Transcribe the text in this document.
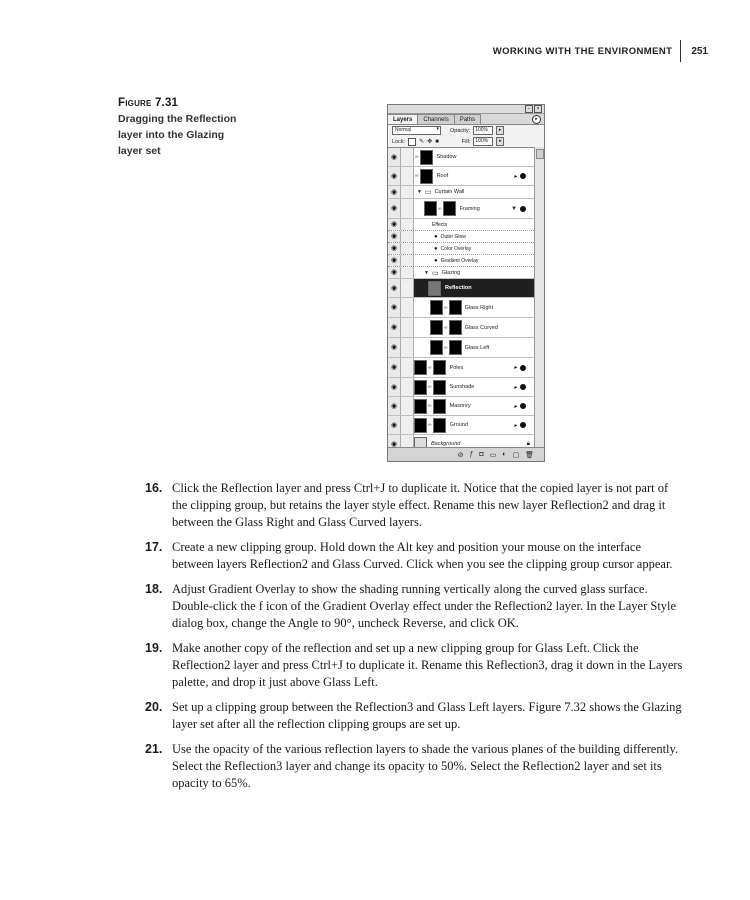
WORKING WITH THE ENVIRONMENT 251
Figure 7.31
Dragging the Reflection layer into the Glazing layer set
–	×
Layers	Channels	Paths	▸
Normal ▾	Opacity:	100%	▸
Lock: ✎ ✥ ■	Fill:	100%	▸
◉	∞	Shadow
◉	∞	Roof	▸
◉	▼ ▭ Curtain Wall
◉	∞	Framing	▼
◉	Effects
◉	● Outer Glow
◉	● Color Overlay
◉	● Gradient Overlay
◉	▼ ▭ Glazing
◉	✎	Reflection
◉	∞	Glass Right
◉	∞	Glass Curved
◉	∞	Glass Left
◉	∞	Poles	▸
◉	∞	Sunshade	▸
◉	∞	Masonry	▸
◉	∞	Ground	▸
◉	Background	🔒︎
✋︎
⊘ ƒ ◘ ▭ ◐ ▢ 🗑︎
16. Click the Reflection layer and press Ctrl+J to duplicate it. Notice that the copied layer is not part of the clipping group, but retains the layer style effect. Rename this new layer Reflection2 and drag it between the Glass Right and Glass Curved layers.
17. Create a new clipping group. Hold down the Alt key and position your mouse on the interface between layers Reflection2 and Glass Curved. Click when you see the clipping group cursor appear.
18. Adjust Gradient Overlay to show the shading running vertically along the curved glass surface. Double-click the f icon of the Gradient Overlay effect under the Reflection2 layer. In the Layer Style dialog box, change the Angle to 90°, uncheck Reverse, and click OK.
19. Make another copy of the reflection and set up a new clipping group for Glass Left. Click the Reflection2 layer and press Ctrl+J to duplicate it. Rename this Reflection3, drag it down in the Layers palette, and drop it just above Glass Left.
20. Set up a clipping group between the Reflection3 and Glass Left layers. Figure 7.32 shows the Glazing layer set after all the reflection clipping groups are set up.
21. Use the opacity of the various reflection layers to shade the various planes of the building differently. Select the Reflection3 layer and change its opacity to 50%. Select the Reflection2 layer and set its opacity to 65%.
